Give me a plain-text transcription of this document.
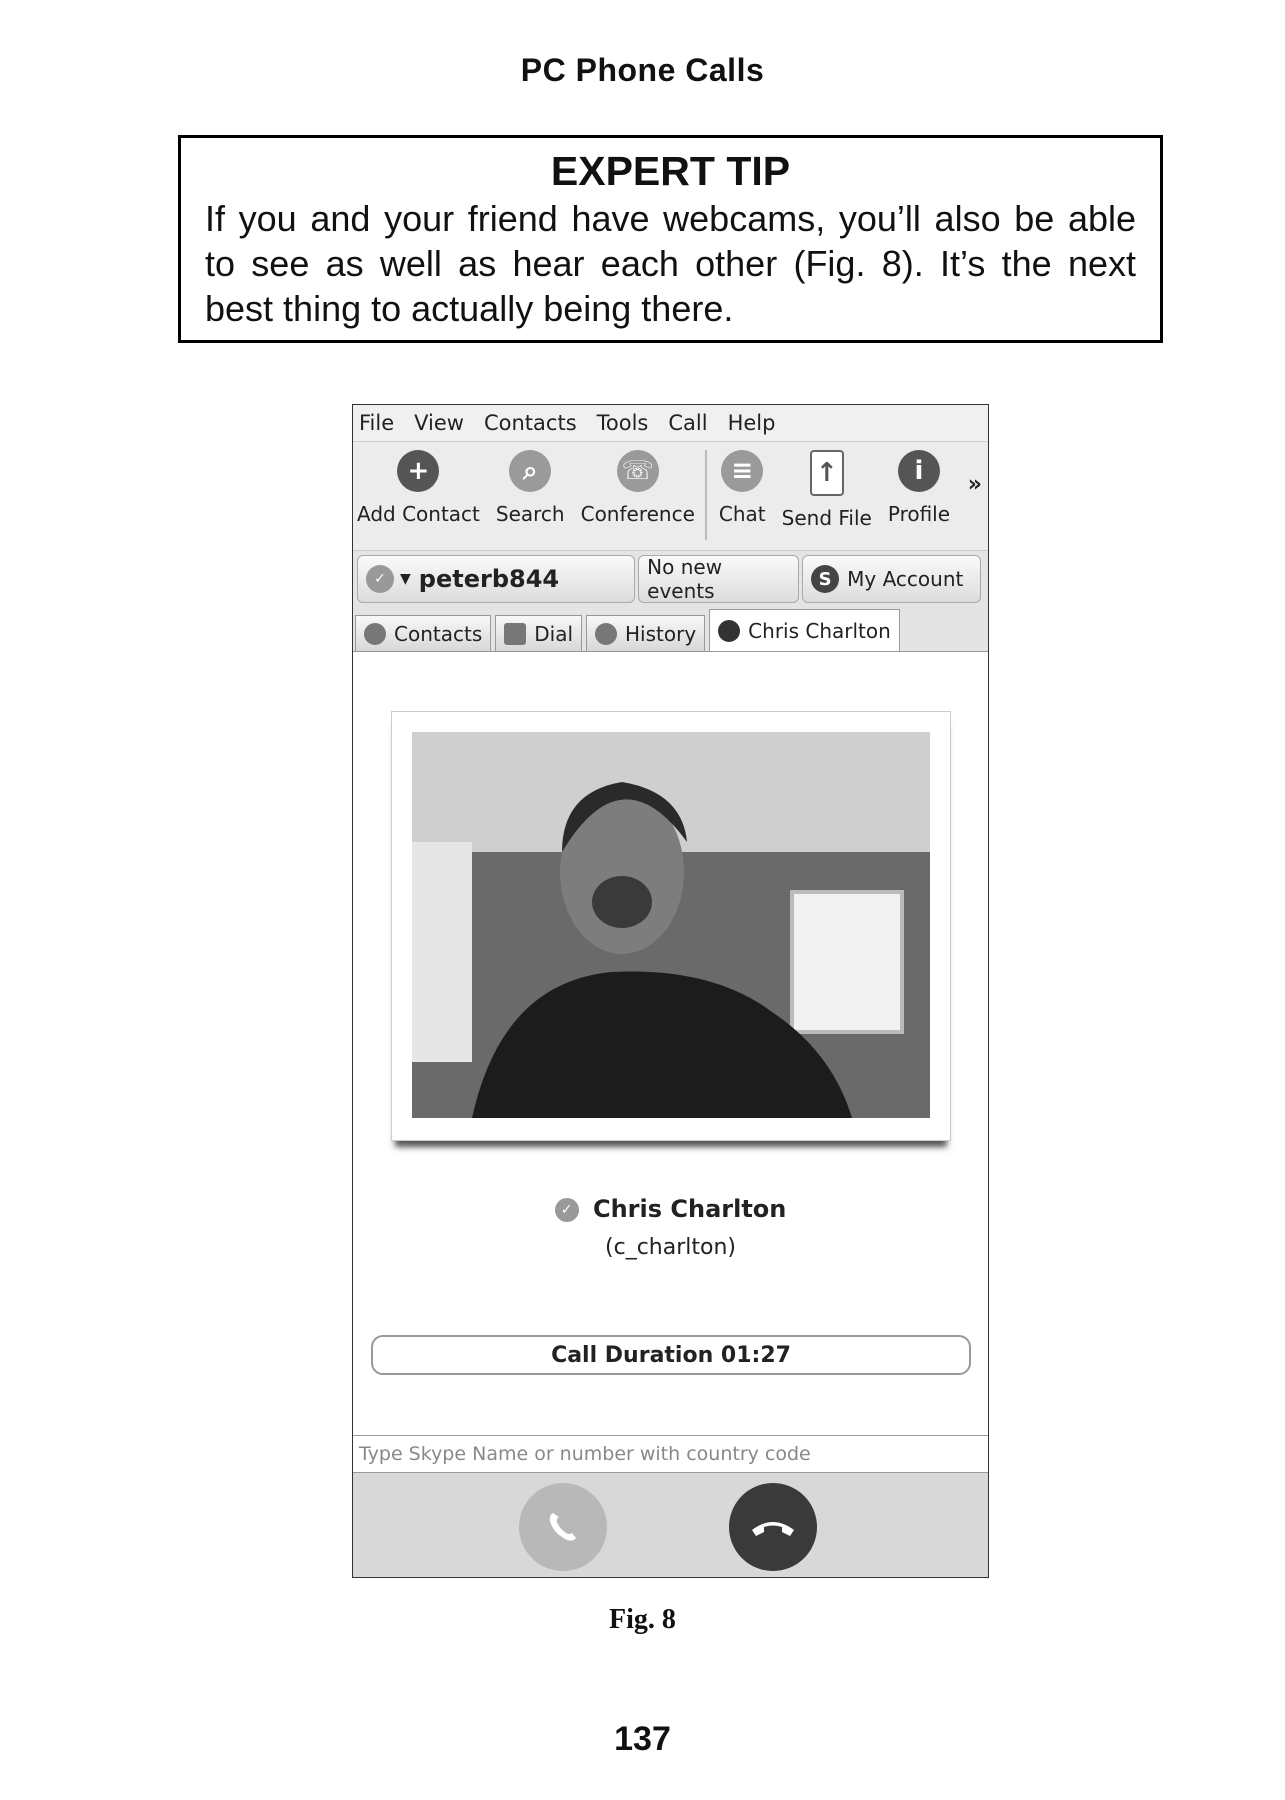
PC Phone Calls
EXPERT TIP
If you and your friend have webcams, you’ll also be able to see as well as hear each other (Fig. 8). It’s the next best thing to actually being there.
File View Contacts Tools Call Help
+
Add Contact
⌕
Search
☏
Conference
≡
Chat
↑
Send File
i
Profile
»
✓	▼ peterb844	No new events	S My Account
Contacts	Dial	History	Chris Charlton
✓ Chris Charlton
(c_charlton)
Call Duration 01:27
Type Skype Name or number with country code
Fig. 8
137
